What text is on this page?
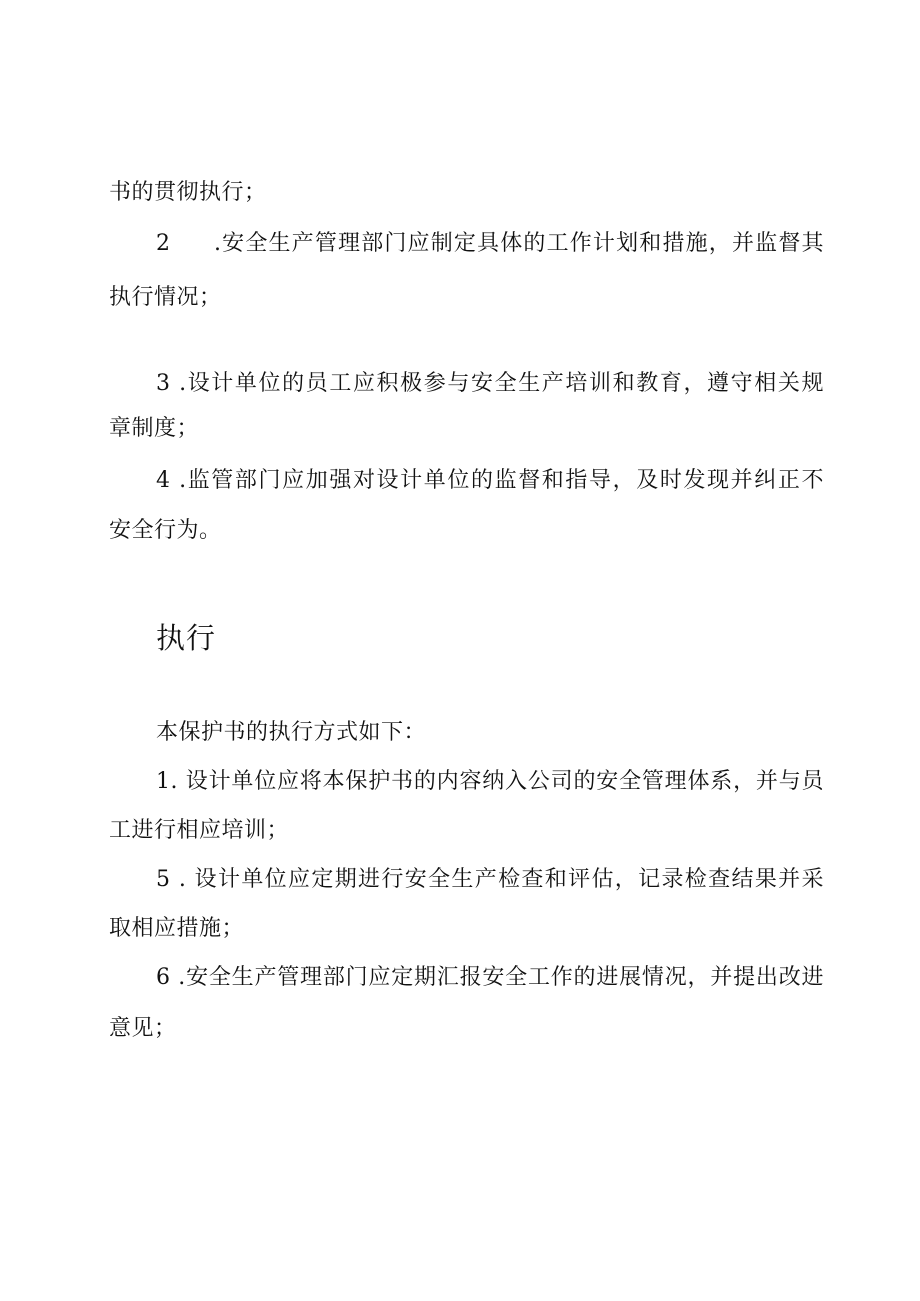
书的贯彻执行；
2 .安全生产管理部门应制定具体的工作计划和措施，并监督其
执行情况；
3 .设计单位的员工应积极参与安全生产培训和教育，遵守相关规
章制度；
4 .监管部门应加强对设计单位的监督和指导，及时发现并纠正不
安全行为。
执行
本保护书的执行方式如下：
1. 设计单位应将本保护书的内容纳入公司的安全管理体系，并与员
工进行相应培训；
5 . 设计单位应定期进行安全生产检查和评估，记录检查结果并采
取相应措施；
6 .安全生产管理部门应定期汇报安全工作的进展情况，并提出改进
意见；
